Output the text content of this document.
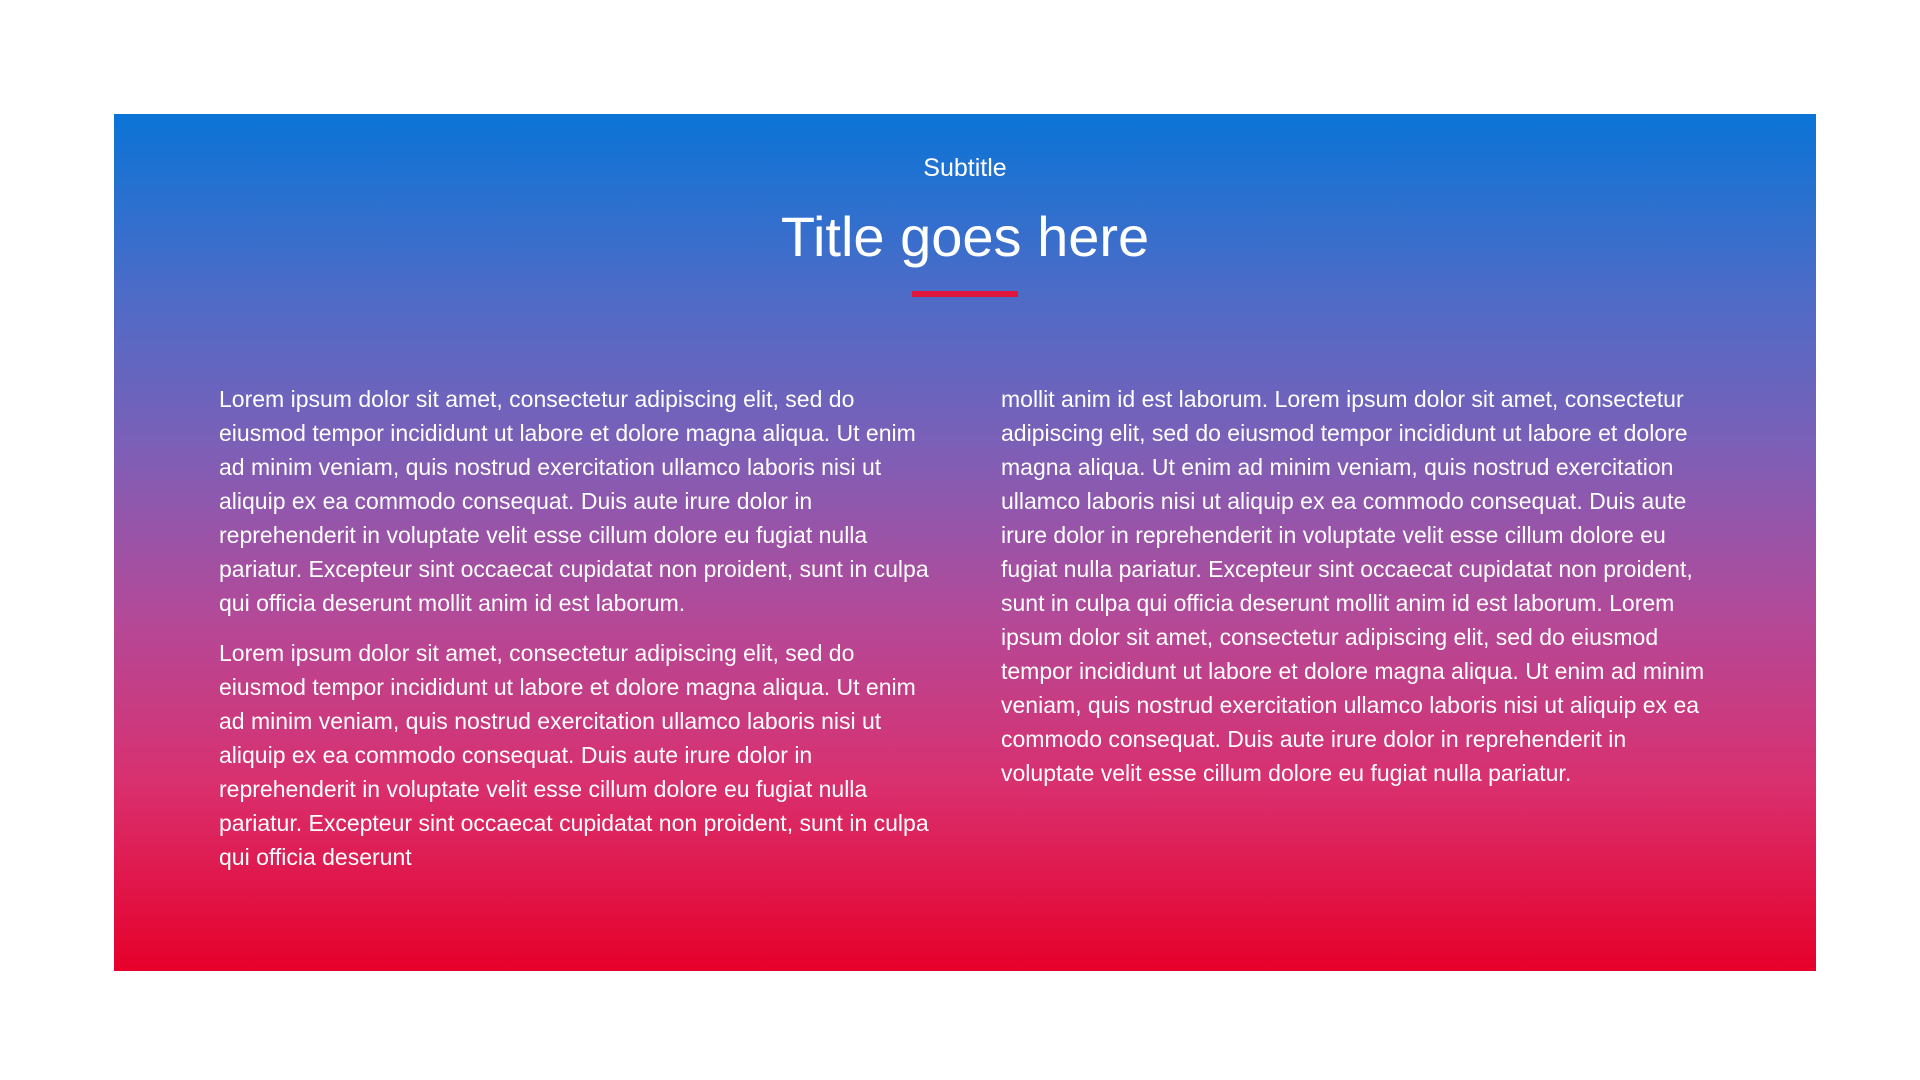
Subtitle
Title goes here

Lorem ipsum dolor sit amet, consectetur adipiscing elit, sed do eiusmod tempor incididunt ut labore et dolore magna aliqua. Ut enim ad minim veniam, quis nostrud exercitation ullamco laboris nisi ut aliquip ex ea commodo consequat. Duis aute irure dolor in reprehenderit in voluptate velit esse cillum dolore eu fugiat nulla pariatur. Excepteur sint occaecat cupidatat non proident, sunt in culpa qui officia deserunt mollit anim id est laborum.

Lorem ipsum dolor sit amet, consectetur adipiscing elit, sed do eiusmod tempor incididunt ut labore et dolore magna aliqua. Ut enim ad minim veniam, quis nostrud exercitation ullamco laboris nisi ut aliquip ex ea commodo consequat. Duis aute irure dolor in reprehenderit in voluptate velit esse cillum dolore eu fugiat nulla pariatur. Excepteur sint occaecat cupidatat non proident, sunt in culpa qui officia deserunt

mollit anim id est laborum. Lorem ipsum dolor sit amet, consectetur adipiscing elit, sed do eiusmod tempor incididunt ut labore et dolore magna aliqua. Ut enim ad minim veniam, quis nostrud exercitation ullamco laboris nisi ut aliquip ex ea commodo consequat. Duis aute irure dolor in reprehenderit in voluptate velit esse cillum dolore eu fugiat nulla pariatur. Excepteur sint occaecat cupidatat non proident, sunt in culpa qui officia deserunt mollit anim id est laborum. Lorem ipsum dolor sit amet, consectetur adipiscing elit, sed do eiusmod tempor incididunt ut labore et dolore magna aliqua. Ut enim ad minim veniam, quis nostrud exercitation ullamco laboris nisi ut aliquip ex ea commodo consequat. Duis aute irure dolor in reprehenderit in voluptate velit esse cillum dolore eu fugiat nulla pariatur.
